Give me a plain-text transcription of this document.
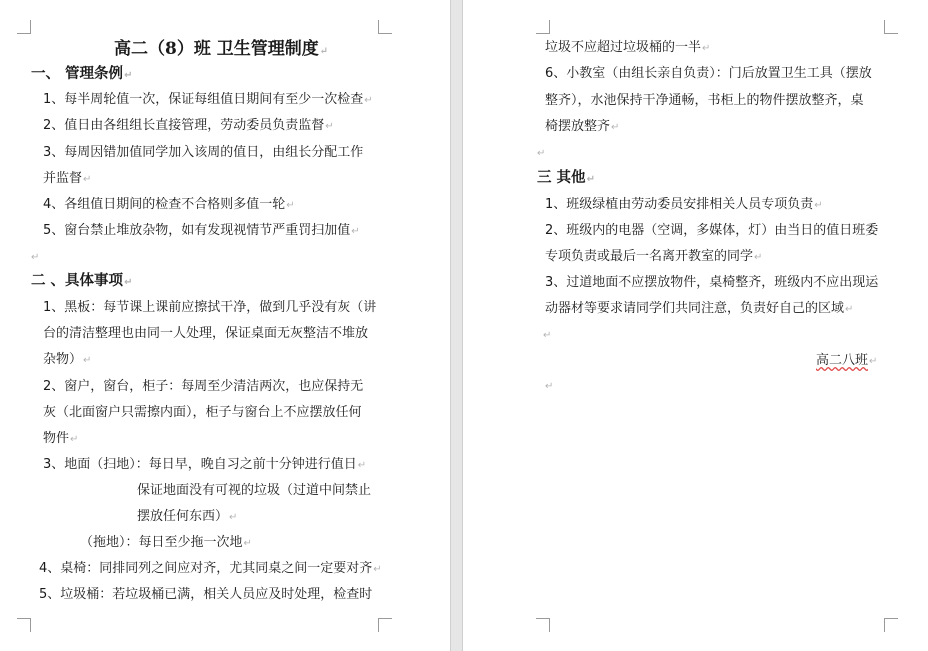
高二（8）班 卫生管理制度↵
一、 管理条例↵
1、每半周轮值一次，保证每组值日期间有至少一次检查↵
2、值日由各组组长直接管理，劳动委员负责监督↵
3、每周因错加值同学加入该周的值日，由组长分配工作
并监督↵
4、各组值日期间的检查不合格则多值一轮↵
5、窗台禁止堆放杂物，如有发现视情节严重罚扫加值↵
↵
二 、具体事项↵
1、黑板：每节课上课前应擦拭干净，做到几乎没有灰（讲
台的清洁整理也由同一人处理，保证桌面无灰整洁不堆放
杂物）↵
2、窗户，窗台，柜子：每周至少清洁两次，也应保持无
灰（北面窗户只需擦内面），柜子与窗台上不应摆放任何
物件↵
3、地面（扫地）：每日早，晚自习之前十分钟进行值日↵
保证地面没有可视的垃圾（过道中间禁止
摆放任何东西）↵
（拖地）：每日至少拖一次地↵
4、桌椅：同排同列之间应对齐，尤其同桌之间一定要对齐↵
5、垃圾桶：若垃圾桶已满，相关人员应及时处理，检查时
垃圾不应超过垃圾桶的一半↵
6、小教室（由组长亲自负责）：门后放置卫生工具（摆放
整齐），水池保持干净通畅，书柜上的物件摆放整齐，桌
椅摆放整齐↵
↵
三 其他↵
1、班级绿植由劳动委员安排相关人员专项负责↵
2、班级内的电器（空调，多媒体，灯）由当日的值日班委
专项负责或最后一名离开教室的同学↵
3、过道地面不应摆放物件，桌椅整齐，班级内不应出现运
动器材等要求请同学们共同注意，负责好自己的区域↵
↵
高二八班↵
↵
